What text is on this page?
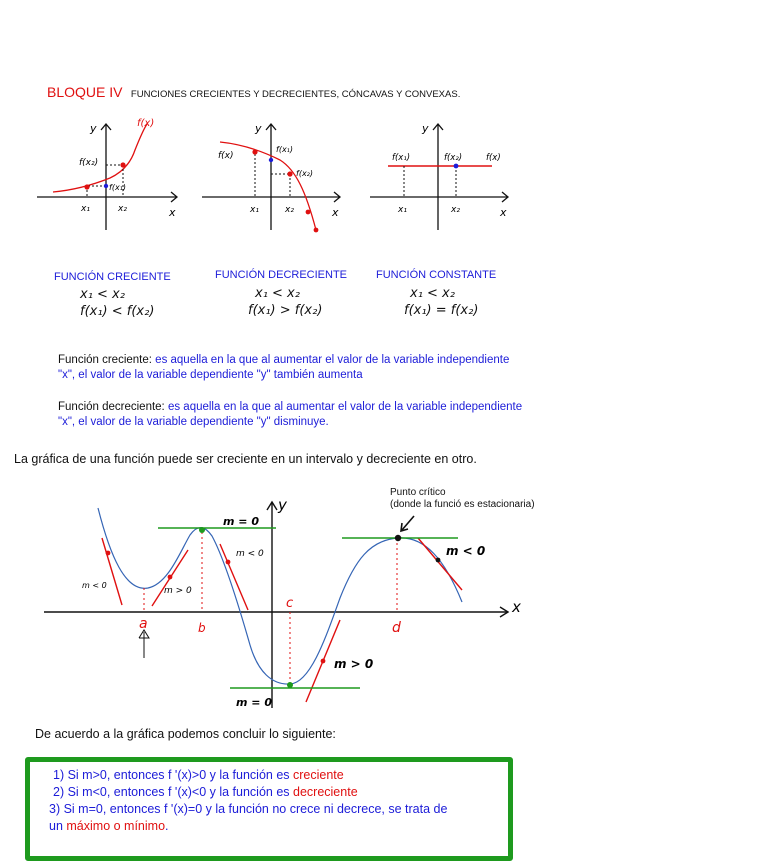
BLOQUE IV FUNCIONES CRECIENTES Y DECRECIENTES, CÓNCAVAS Y CONVEXAS.
y
x
f(x)
f(x₂)
f(x₁)
x₁	x₂
y
x
f(x)
f(x₁)
f(x₂)
x₁	x₂
y
x
f(x₁)	f(x₂)	f(x)
x₁	x₂
FUNCIÓN CRECIENTE
x₁ < x₂
f(x₁) < f(x₂)
FUNCIÓN DECRECIENTE
x₁ < x₂
f(x₁) > f(x₂)
FUNCIÓN CONSTANTE
x₁ < x₂
f(x₁) = f(x₂)
Función creciente: es aquella en la que al aumentar el valor de la variable independiente "x", el valor de la variable dependiente "y" también aumenta
Función decreciente: es aquella en la que al aumentar el valor de la variable independiente "x", el valor de la variable dependiente "y" disminuye.
La gráfica de una función puede ser creciente en un intervalo y decreciente en otro.
y
x
m = 0
m < 0
m > 0
m < 0	m < 0
m > 0
m = 0
a	b
c
d
Punto crítico
(donde la funció es estacionaria)
De acuerdo a la gráfica podemos concluir lo siguiente:
1) Si m>0, entonces f '(x)>0 y la función es creciente
2) Si m<0, entonces f '(x)<0 y la función es decreciente
3) Si m=0, entonces f '(x)=0 y la función no crece ni decrece, se trata de
un máximo o mínimo.
